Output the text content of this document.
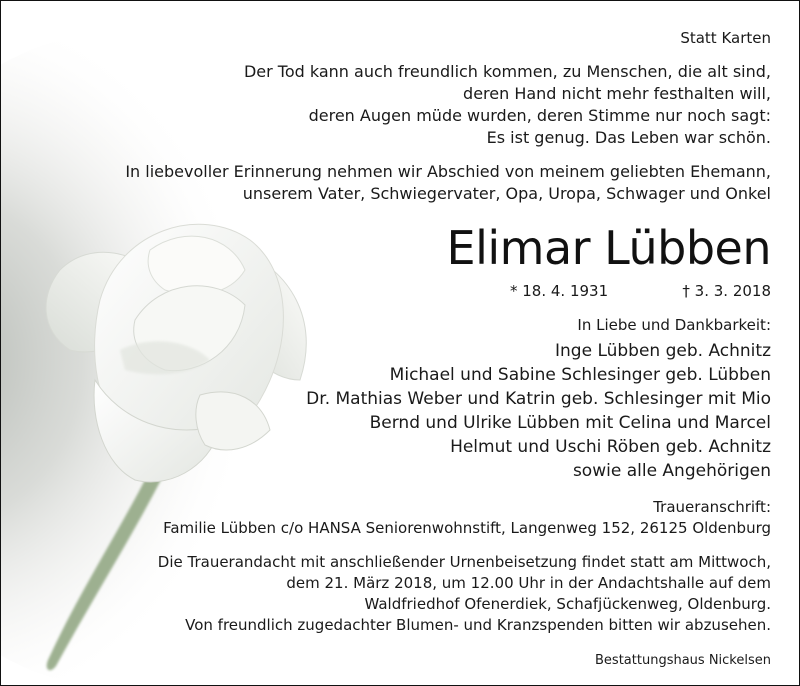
Statt Karten

Der Tod kann auch freundlich kommen, zu Menschen, die alt sind,

deren Hand nicht mehr festhalten will,

deren Augen müde wurden, deren Stimme nur noch sagt:

Es ist genug. Das Leben war schön.

In liebevoller Erinnerung nehmen wir Abschied von meinem geliebten Ehemann,

unserem Vater, Schwiegervater, Opa, Uropa, Schwager und Onkel

Elimar Lübben

* 18. 4. 1931	† 3. 3. 2018

In Liebe und Dankbarkeit:

Inge Lübben geb. Achnitz

Michael und Sabine Schlesinger geb. Lübben

Dr. Mathias Weber und Katrin geb. Schlesinger mit Mio

Bernd und Ulrike Lübben mit Celina und Marcel

Helmut und Uschi Röben geb. Achnitz

sowie alle Angehörigen

Traueranschrift:

Familie Lübben c/o HANSA Seniorenwohnstift, Langenweg 152, 26125 Oldenburg

Die Trauerandacht mit anschließender Urnenbeisetzung findet statt am Mittwoch,

dem 21. März 2018, um 12.00 Uhr in der Andachtshalle auf dem

Waldfriedhof Ofenerdiek, Schafjückenweg, Oldenburg.

Von freundlich zugedachter Blumen- und Kranzspenden bitten wir abzusehen.

Bestattungshaus Nickelsen
